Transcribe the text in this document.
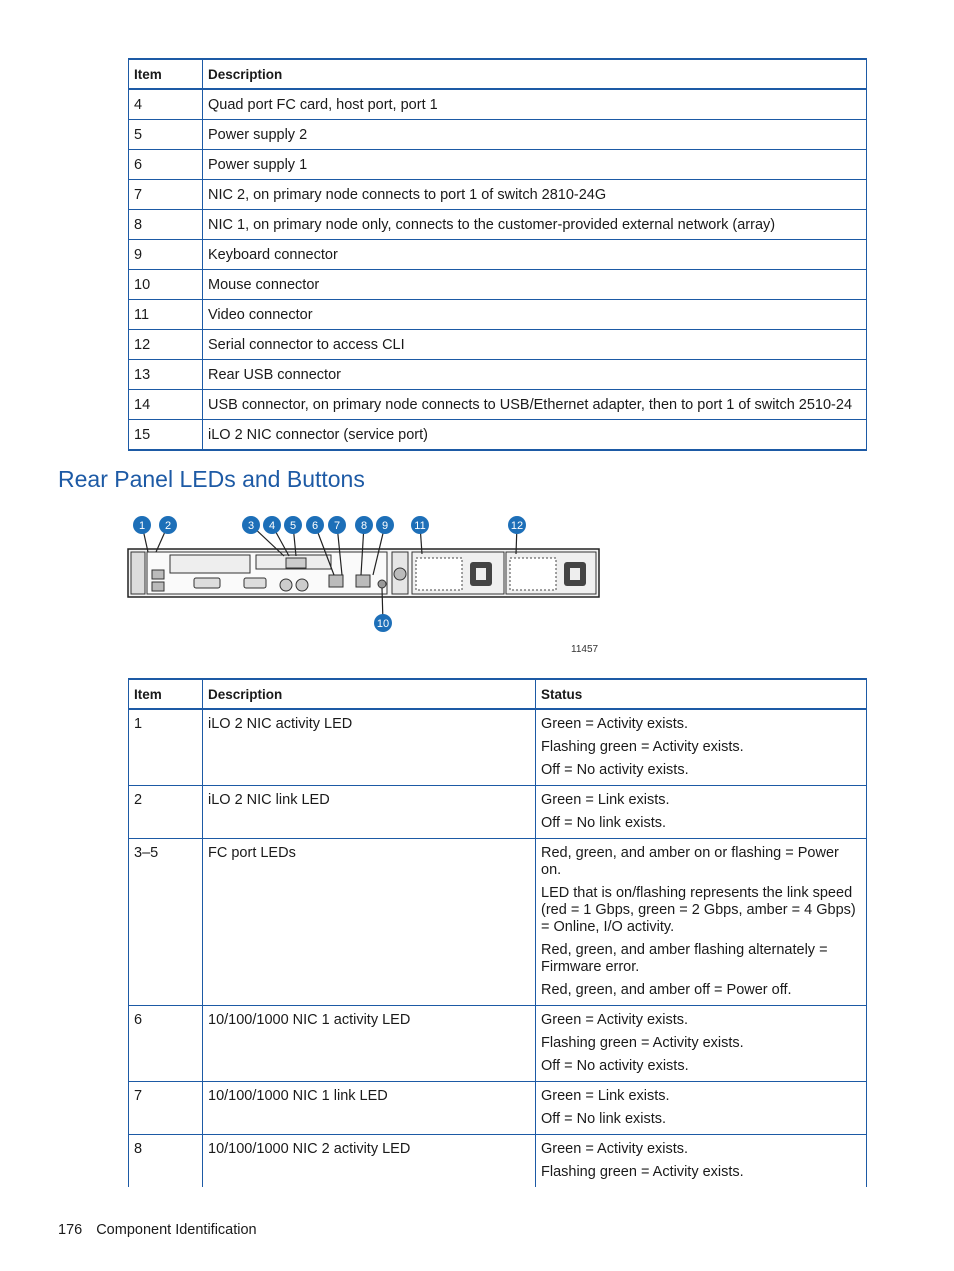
Item	Description
4	Quad port FC card, host port, port 1
5	Power supply 2
6	Power supply 1
7	NIC 2, on primary node connects to port 1 of switch 2810-24G
8	NIC 1, on primary node only, connects to the customer-provided external network (array)
9	Keyboard connector
10	Mouse connector
11	Video connector
12	Serial connector to access CLI
13	Rear USB connector
14	USB connector, on primary node connects to USB/Ethernet adapter, then to port 1 of switch 2510-24
15	iLO 2 NIC connector (service port)
Rear Panel LEDs and Buttons
1 2	3 4 5 6 7 8 9 11	12
10
11457
Item	Description	Status
1	iLO 2 NIC activity LED	Green = Activity exists.

Flashing green = Activity exists.

Off = No activity exists.

2	iLO 2 NIC link LED	Green = Link exists.

Off = No link exists.

3–5	FC port LEDs	Red, green, and amber on or flashing = Power on.

LED that is on/flashing represents the link speed (red = 1 Gbps, green = 2 Gbps, amber = 4 Gbps) = Online, I/O activity.

Red, green, and amber flashing alternately = Firmware error.

Red, green, and amber off = Power off.

6	10/100/1000 NIC 1 activity LED	Green = Activity exists.

Flashing green = Activity exists.

Off = No activity exists.

7	10/100/1000 NIC 1 link LED	Green = Link exists.

Off = No link exists.

8	10/100/1000 NIC 2 activity LED	Green = Activity exists.

Flashing green = Activity exists.

176 Component Identification
